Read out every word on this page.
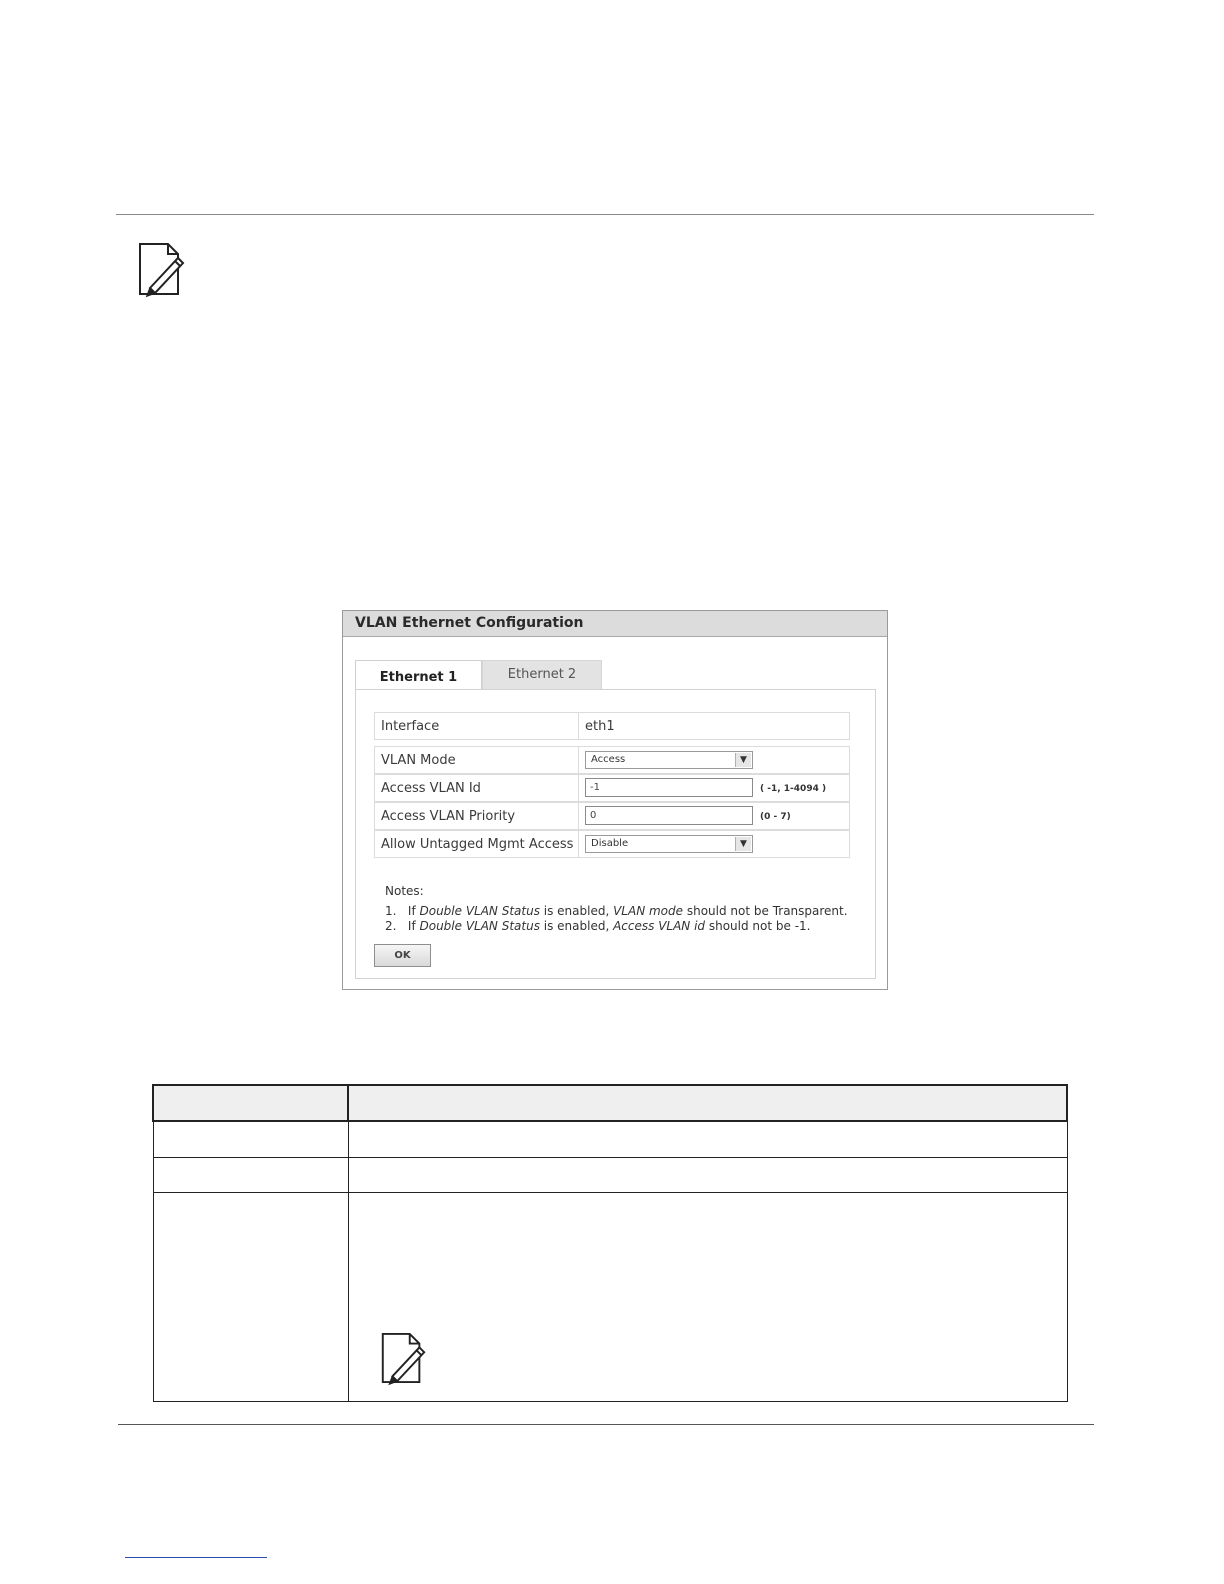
VLAN Ethernet Configuration
Ethernet 1	Ethernet 2
Interface	eth1
VLAN Mode	Access	▼
Access VLAN Id	-1	( -1, 1-4094 )
Access VLAN Priority	0	(0 - 7)
Allow Untagged Mgmt Access	Disable	▼
Notes:
1. If Double VLAN Status is enabled, VLAN mode should not be Transparent.
2. If Double VLAN Status is enabled, Access VLAN id should not be -1.
OK
